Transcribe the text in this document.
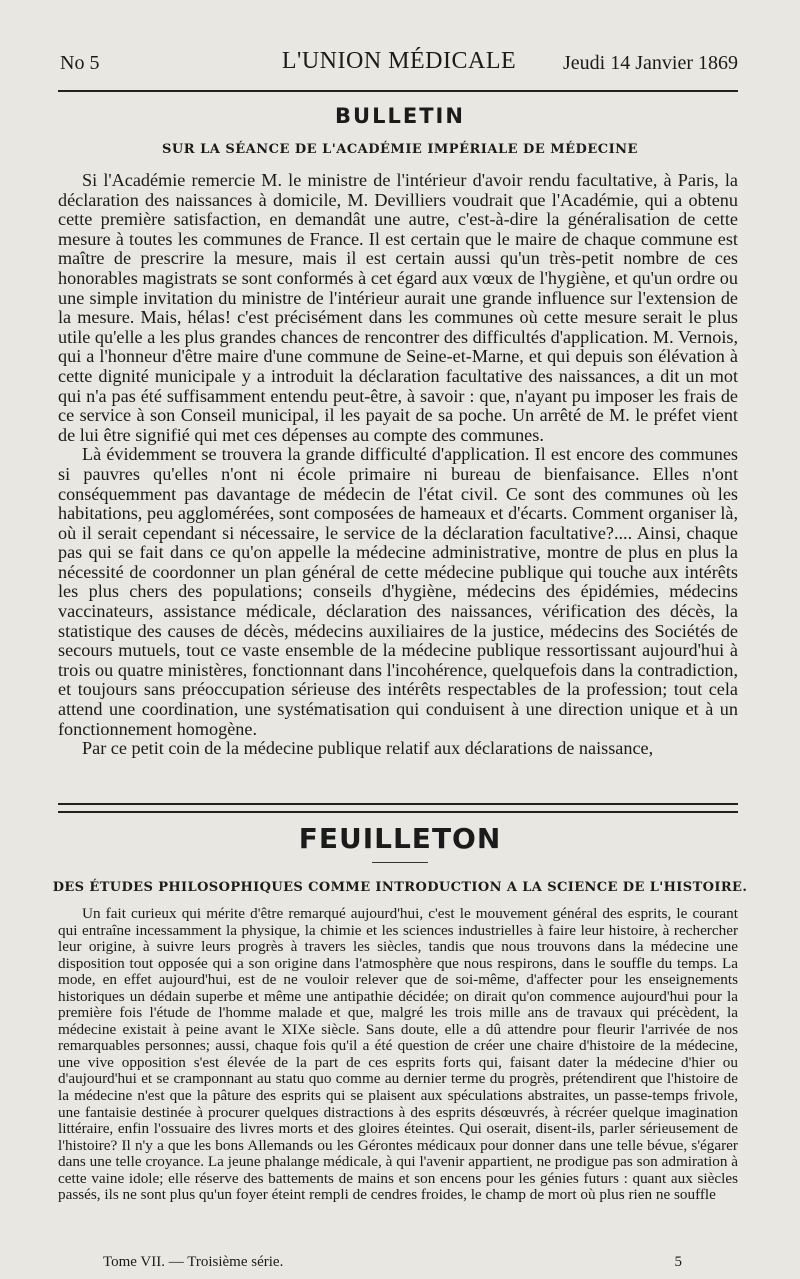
No 5	L'UNION MÉDICALE	Jeudi 14 Janvier 1869
BULLETIN
SUR LA SÉANCE DE L'ACADÉMIE IMPÉRIALE DE MÉDECINE

Si l'Académie remercie M. le ministre de l'intérieur d'avoir rendu facultative, à Paris, la déclaration des naissances à domicile, M. Devilliers voudrait que l'Académie, qui a obtenu cette première satisfaction, en demandât une autre, c'est-à-dire la généralisation de cette mesure à toutes les communes de France. Il est certain que le maire de chaque commune est maître de prescrire la mesure, mais il est certain aussi qu'un très-petit nombre de ces honorables magistrats se sont conformés à cet égard aux vœux de l'hygiène, et qu'un ordre ou une simple invitation du ministre de l'intérieur aurait une grande influence sur l'extension de la mesure. Mais, hélas! c'est précisément dans les communes où cette mesure serait le plus utile qu'elle a les plus grandes chances de rencontrer des difficultés d'application. M. Vernois, qui a l'honneur d'être maire d'une commune de Seine-et-Marne, et qui depuis son élévation à cette dignité municipale y a introduit la déclaration facultative des naissances, a dit un mot qui n'a pas été suffisamment entendu peut-être, à savoir : que, n'ayant pu imposer les frais de ce service à son Conseil municipal, il les payait de sa poche. Un arrêté de M. le préfet vient de lui être signifié qui met ces dépenses au compte des communes.

Là évidemment se trouvera la grande difficulté d'application. Il est encore des communes si pauvres qu'elles n'ont ni école primaire ni bureau de bienfaisance. Elles n'ont conséquemment pas davantage de médecin de l'état civil. Ce sont des communes où les habitations, peu agglomérées, sont composées de hameaux et d'écarts. Comment organiser là, où il serait cependant si nécessaire, le service de la déclaration facultative?.... Ainsi, chaque pas qui se fait dans ce qu'on appelle la médecine administrative, montre de plus en plus la nécessité de coordonner un plan général de cette médecine publique qui touche aux intérêts les plus chers des populations; conseils d'hygiène, médecins des épidémies, médecins vaccinateurs, assistance médicale, déclaration des naissances, vérification des décès, la statistique des causes de décès, médecins auxiliaires de la justice, médecins des Sociétés de secours mutuels, tout ce vaste ensemble de la médecine publique ressortissant aujourd'hui à trois ou quatre ministères, fonctionnant dans l'incohérence, quelquefois dans la contradiction, et toujours sans préoccupation sérieuse des intérêts respectables de la profession; tout cela attend une coordination, une systématisation qui conduisent à une direction unique et à un fonctionnement homogène.

Par ce petit coin de la médecine publique relatif aux déclarations de naissance,

FEUILLETON
DES ÉTUDES PHILOSOPHIQUES COMME INTRODUCTION A LA SCIENCE DE L'HISTOIRE.

Un fait curieux qui mérite d'être remarqué aujourd'hui, c'est le mouvement général des esprits, le courant qui entraîne incessamment la physique, la chimie et les sciences industrielles à faire leur histoire, à rechercher leur origine, à suivre leurs progrès à travers les siècles, tandis que nous trouvons dans la médecine une disposition tout opposée qui a son origine dans l'atmosphère que nous respirons, dans le souffle du temps. La mode, en effet aujourd'hui, est de ne vouloir relever que de soi-même, d'affecter pour les enseignements historiques un dédain superbe et même une antipathie décidée; on dirait qu'on commence aujourd'hui pour la première fois l'étude de l'homme malade et que, malgré les trois mille ans de travaux qui précèdent, la médecine existait à peine avant le XIXe siècle. Sans doute, elle a dû attendre pour fleurir l'arrivée de nos remarquables personnes; aussi, chaque fois qu'il a été question de créer une chaire d'histoire de la médecine, une vive opposition s'est élevée de la part de ces esprits forts qui, faisant dater la médecine d'hier ou d'aujourd'hui et se cramponnant au statu quo comme au dernier terme du progrès, prétendirent que l'histoire de la médecine n'est que la pâture des esprits qui se plaisent aux spéculations abstraites, un passe-temps frivole, une fantaisie destinée à procurer quelques distractions à des esprits désœuvrés, à récréer quelque imagination littéraire, enfin l'ossuaire des livres morts et des gloires éteintes. Qui oserait, disent-ils, parler sérieusement de l'histoire? Il n'y a que les bons Allemands ou les Gérontes médicaux pour donner dans une telle bévue, s'égarer dans une telle croyance. La jeune phalange médicale, à qui l'avenir appartient, ne prodigue pas son admiration à cette vaine idole; elle réserve des battements de mains et son encens pour les génies futurs : quant aux siècles passés, ils ne sont plus qu'un foyer éteint rempli de cendres froides, le champ de mort où plus rien ne souffle

Tome VII. — Troisième série.	5
